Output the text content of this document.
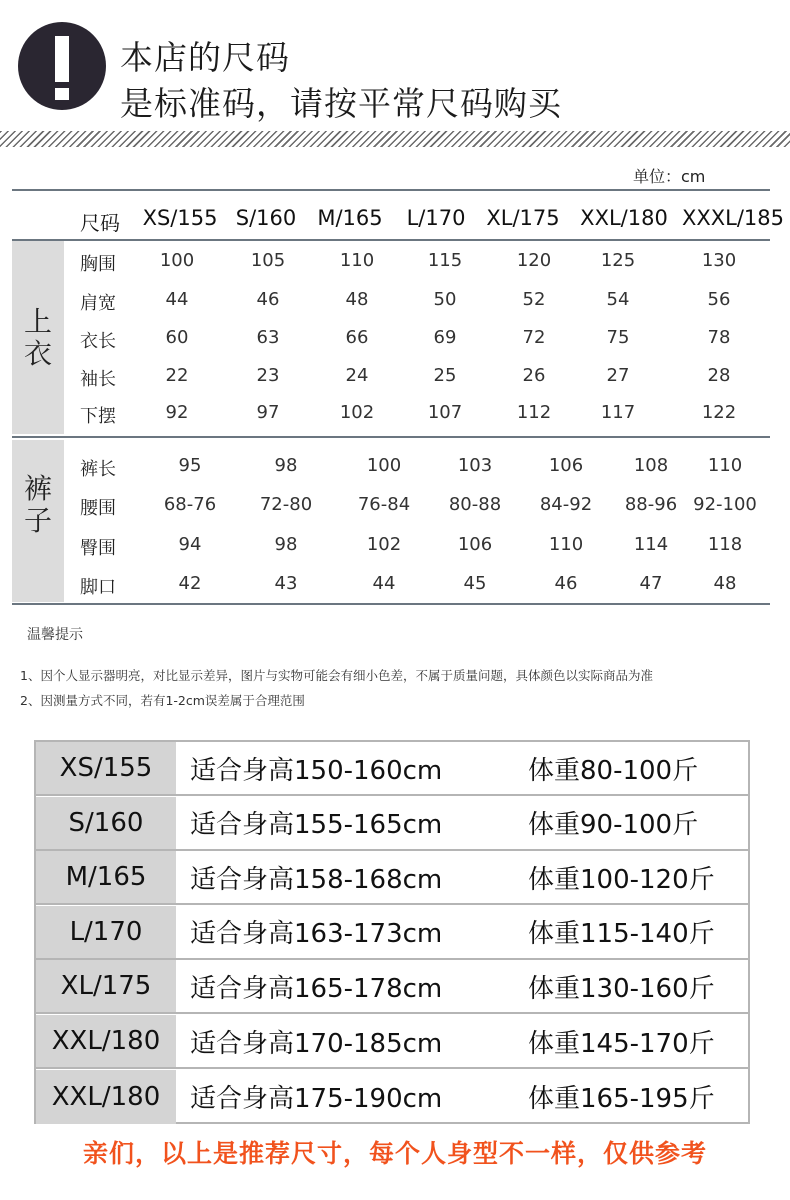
本店的尺码
是标准码，请按平常尺码购买
单位：cm
尺码 XS/155 S/160 M/165 L/170 XL/175 XXL/180 XXXL/185
胸围 100	105	110	115	120	125	130
肩宽	44	46	48	50	52	54	56
衣长	60	63	66	69	72	75	78
袖长	22	23	24	25	26	27	28
下摆	92	97	102	107	112	117	122
裤长	95	98	100	103	106	108 110
腰围	68-76 72-80	76-84 80-88 84-92 88-96 92-100
臀围	94	98	102	106	110	114 118
脚口	42	43	44	45	46	47	48
上
衣
裤
子
温馨提示
1、因个人显示器明亮，对比显示差异，图片与实物可能会有细小色差，不属于质量问题，具体颜色以实际商品为准
2、因测量方式不同，若有1-2cm误差属于合理范围
XS/155	适合身高150-160cm	体重80-100斤
S/160	适合身高155-165cm	体重90-100斤
M/165	适合身高158-168cm	体重100-120斤
L/170	适合身高163-173cm	体重115-140斤
XL/175	适合身高165-178cm	体重130-160斤
XXL/180	适合身高170-185cm	体重145-170斤
XXL/180	适合身高175-190cm	体重165-195斤
亲们，以上是推荐尺寸，每个人身型不一样，仅供参考
